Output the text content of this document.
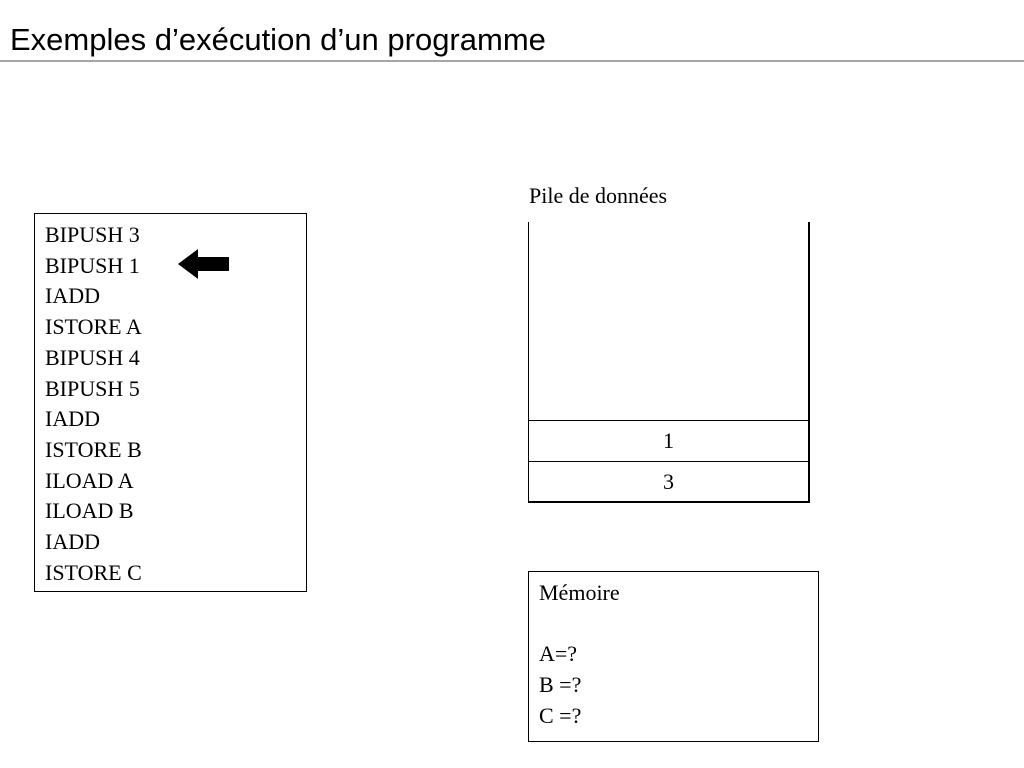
Exemples d’exécution d’un programme
BIPUSH 3
BIPUSH 1
IADD
ISTORE A
BIPUSH 4
BIPUSH 5
IADD
ISTORE B
ILOAD A
ILOAD B
IADD
ISTORE C
Pile de données
1
3
Mémoire
A=?
B =?
C =?
